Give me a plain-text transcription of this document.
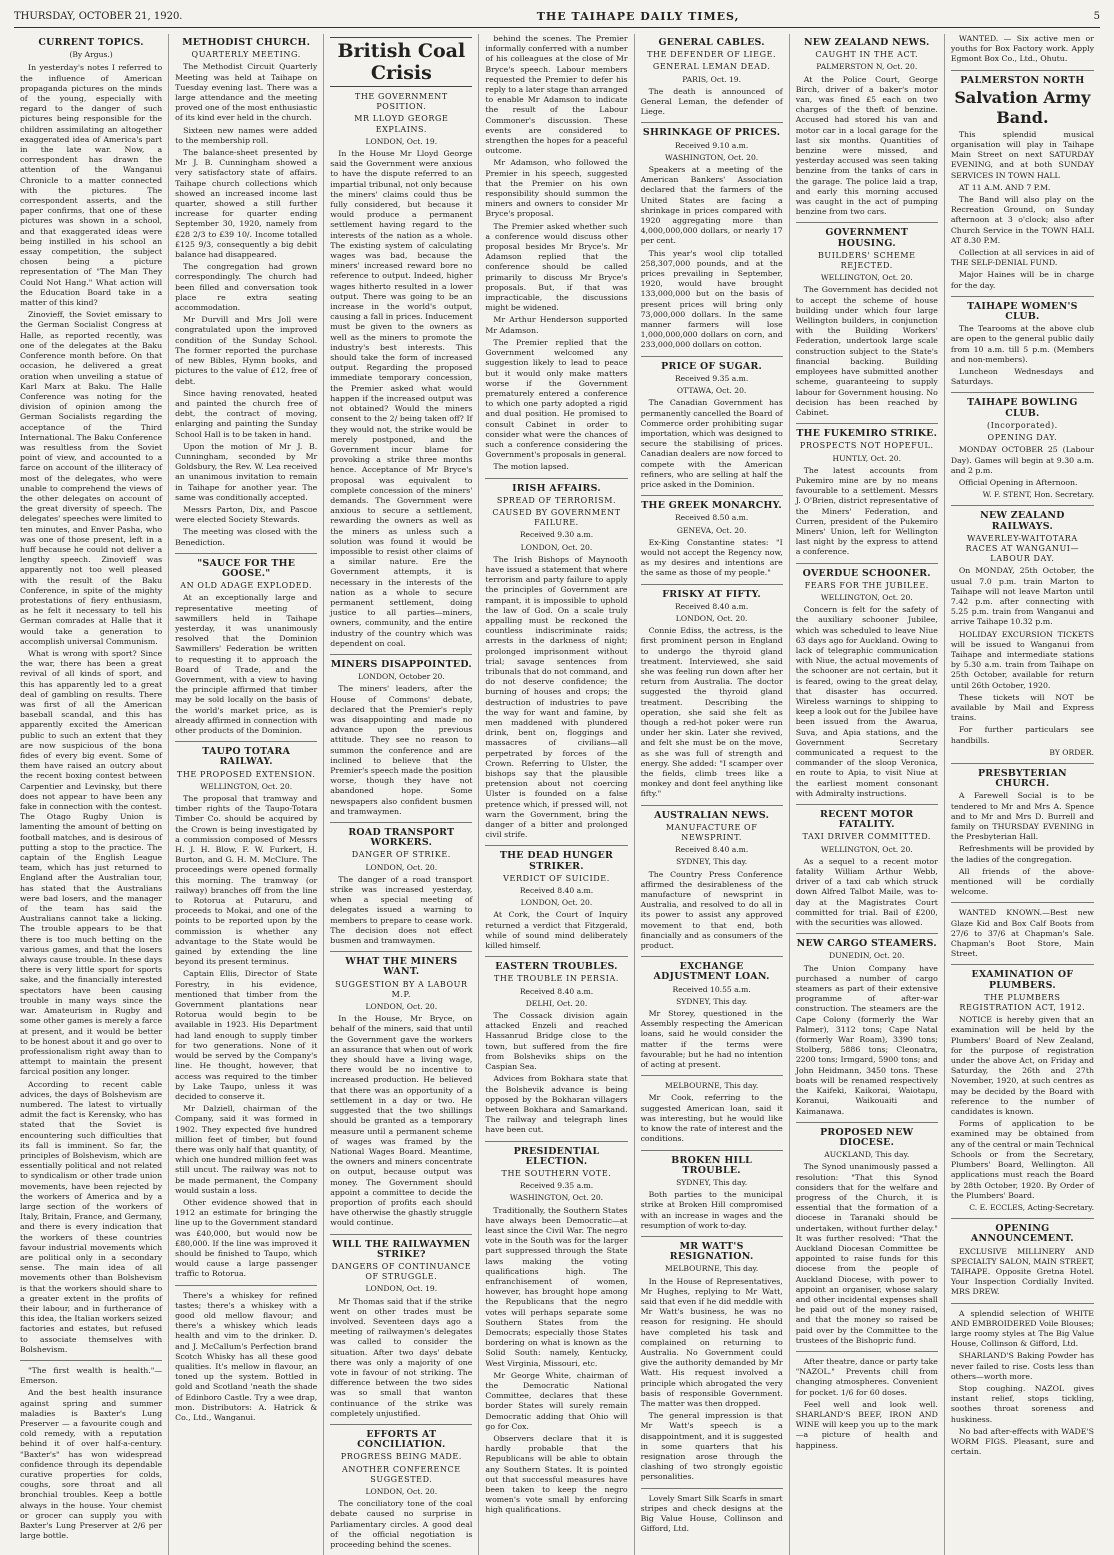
THURSDAY, OCTOBER 21, 1920.	THE TAIHAPE DAILY TIMES,	5
CURRENT TOPICS.
(By Argus.)

In yesterday's notes I referred to the influence of American propaganda pictures on the minds of the young, especially with regard to the danger of such pictures being responsible for the children assimilating an altogether exaggerated idea of America's part in the late war. Now, a correspondent has drawn the attention of the Wanganui Chronicle to a matter connected with the pictures. The correspondent asserts, and the paper confirms, that one of these pictures was shown in a school, and that exaggerated ideas were being instilled in his school an essay competition, the subject chosen being a picture representation of "The Man They Could Not Hang." What action will the Education Board take in a matter of this kind?

Zinovieff, the Soviet emissary to the German Socialist Congress at Halle, as reported recently, was one of the delegates at the Baku Conference month before. On that occasion, he delivered a great oration when unveiling a statue of Karl Marx at Baku. The Halle Conference was noting for the division of opinion among the German Socialists regarding the acceptance of the Third International. The Baku Conference was resultless from the Soviet point of view, and accounted to a farce on account of the illiteracy of most of the delegates, who were unable to comprehend the views of the other delegates on account of the great diversity of speech. The delegates' speeches were limited to ten minutes, and Enver Pasha, who was one of those present, left in a huff because he could not deliver a lengthy speech. Zinovieff was apparently not too well pleased with the result of the Baku Conference, in spite of the mighty protestations of fiery enthusiasm, as he felt it necessary to tell his German comrades at Halle that it would take a generation to accomplish universal Communism.

What is wrong with sport? Since the war, there has been a great revival of all kinds of sport, and this has apparently led to a great deal of gambling on results. There was first of all the American baseball scandal, and this has apparently excited the American public to such an extent that they are now suspicious of the bona fides of every big event. Some of them have raised an outcry about the recent boxing contest between Carpentier and Levinsky, but there does not appear to have been any fake in connection with the contest. The Otago Rugby Union is lamenting the amount of betting on football matches, and is desirous of putting a stop to the practice. The captain of the English League team, which has just returned to England after the Australian tour, has stated that the Australians were bad losers, and the manager of the team has said the Australians cannot take a licking. The trouble appears to be that there is too much betting on the various games, and that the losers always cause trouble. In these days there is very little sport for sports sake, and the financially interested spectators have been causing trouble in many ways since the war. Amateurism in Rugby and some other games is merely a farce at present, and it would be better to be honest about it and go over to professionalism right away than to attempt to maintain the present farcical position any longer.

According to recent cable advices, the days of Bolshevism are numbered. The latest to virtually admit the fact is Kerensky, who has stated that the Soviet is encountering such difficulties that its fall is imminent. So far, the principles of Bolshevism, which are essentially political and not related to syndicalism or other trade union movements, have been rejected by the workers of America and by a large section of the workers of Italy, Britain, France, and Germany, and there is every indication that the workers of these countries favour industrial movements which are political only in a secondary sense. The main idea of all movements other than Bolshevism is that the workers should share to a greater extent in the profits of their labour, and in furtherance of this idea, the Italian workers seized factories and estates, but refused to associate themselves with Bolshevism.

"The first wealth is health."—Emerson.

And the best health insurance against spring and summer maladies is Baxter's Lung Preserver — a favourite cough and cold remedy, with a reputation behind it of over half-a-century. "Baxter's" has won widespread confidence through its dependable curative properties for colds, coughs, sore throat and all bronchial troubles. Keep a bottle always in the house. Your chemist or grocer can supply you with Baxter's Lung Preserver at 2/6 per large bottle.

METHODIST CHURCH.
QUARTERLY MEETING.

The Methodist Circuit Quarterly Meeting was held at Taihape on Tuesday evening last. There was a large attendance and the meeting proved one of the most enthusiastic of its kind ever held in the church.

Sixteen new names were added to the membership roll.

The balance-sheet presented by Mr J. B. Cunningham showed a very satisfactory state of affairs. Taihape church collections which showed an increased income last quarter, showed a still further increase for quarter ending September 30, 1920, namely from £28 2/3 to £39 10/. Income totalled £125 9/3, consequently a big debit balance had disappeared.

The congregation had grown correspondingly. The church had been filled and conversation took place re extra seating accommodation.

Mr Durvill and Mrs Joll were congratulated upon the improved condition of the Sunday School. The former reported the purchase of new Bibles, Hymn books, and pictures to the value of £12, free of debt.

Since having renovated, heated and painted the church free of debt, the contract of moving, enlarging and painting the Sunday School Hall is to be taken in hand.

Upon the motion of Mr J. B. Cunningham, seconded by Mr Goldsbury, the Rev. W. Lea received an unanimous invitation to remain in Taihape for another year. The same was conditionally accepted.

Messrs Parton, Dix, and Pascoe were elected Society Stewards.

The meeting was closed with the Benediction.

"SAUCE FOR THE GOOSE."
AN OLD ADAGE EXPLODED.

At an exceptionally large and representative meeting of sawmillers held in Taihape yesterday, it was unanimously resolved that the Dominion Sawmillers' Federation be written to requesting it to approach the Board of Trade, and the Government, with a view to having the principle affirmed that timber may be sold locally on the basis of the world's market price, as is already affirmed in connection with other products of the Dominion.

TAUPO TOTARA RAILWAY.
THE PROPOSED EXTENSION.
WELLINGTON, Oct. 20.

The proposal that tramway and timber rights of the Taupo-Totara Timber Co. should be acquired by the Crown is being investigated by a commission composed of Messrs H. J. H. Blow, F. W. Furkert, H. Burton, and G. H. M. McClure. The proceedings were opened formally this morning. The tramway (or railway) branches off from the line to Rotorua at Putaruru, and proceeds to Mokai, and one of the points to be reported upon by the commission is whether any advantage to the State would be gained by extending the line beyond its present terminus.

Captain Ellis, Director of State Forestry, in his evidence, mentioned that timber from the Government plantations near Rotorua would begin to be available in 1923. His Department had land enough to supply timber for two generations. None of it would be served by the Company's line. He thought, however, that access was required to the timber by Lake Taupo, unless it was decided to conserve it.

Mr Dalziell, chairman of the Company, said it was formed in 1902. They expected five hundred million feet of timber, but found there was only half that quantity, of which one hundred million feet was still uncut. The railway was not to be made permanent, the Company would sustain a loss.

Other evidence showed that in 1912 an estimate for bringing the line up to the Government standard was £40,000, but would now be £80,000. If the line was improved it should be finished to Taupo, which would cause a large passenger traffic to Rotorua.

There's a whiskey for refined tastes; there's a whiskey with a good old mellow flavour; and there's a whiskey which leads health and vim to the drinker. D. and J. McCallum's Perfection brand Scotch Whisky has all these good qualities. It's mellow in flavour, an toned up the system. Bottled in gold and Scotland 'neath the shade of Edinboro Castle. Try a wee drap, mon. Distributors: A. Hatrick & Co., Ltd., Wanganui.

British Coal Crisis
THE GOVERNMENT POSITION.
MR LLOYD GEORGE EXPLAINS.
LONDON, Oct. 19.

In the House Mr Lloyd George said the Government were anxious to have the dispute referred to an impartial tribunal, not only because the miners' claims could thus be fully considered, but because it would produce a permanent settlement having regard to the interests of the nation as a whole. The existing system of calculating wages was bad, because the miners' increased reward bore no reference to output. Indeed, higher wages hitherto resulted in a lower output. There was going to be an increase in the world's output, causing a fall in prices. Inducement must be given to the owners as well as the miners to promote the industry's best interests. This should take the form of increased output. Regarding the proposed immediate temporary concession, the Premier asked what would happen if the increased output was not obtained? Would the miners consent to the 2/ being taken off? If they would not, the strike would be merely postponed, and the Government incur blame for provoking a strike three months hence. Acceptance of Mr Bryce's proposal was equivalent to complete concession of the miners' demands. The Government were anxious to secure a settlement, rewarding the owners as well as the miners as unless such a solution was found it would be impossible to resist other claims of a similar nature. Ere the Government attempts, it is necessary in the interests of the nation as a whole to secure permanent settlement, doing justice to all parties—miners, owners, community, and the entire industry of the country which was dependent on coal.

MINERS DISAPPOINTED.
LONDON, October 20.

The miners' leaders, after the House of Commons' debate, declared that the Premier's reply was disappointing and made no advance upon the previous attitude. They see no reason to summon the conference and are inclined to believe that the Premier's speech made the position worse, though they have not abandoned hope. Some newspapers also confident busmen and tramwaymen.

ROAD TRANSPORT WORKERS.
DANGER OF STRIKE.
LONDON, Oct. 20.

The danger of a road transport strike was increased yesterday, when a special meeting of delegates issued a warning to members to prepare to cease work. The decision does not effect busmen and tramwaymen.

WHAT THE MINERS WANT.
SUGGESTION BY A LABOUR M.P.
LONDON, Oct. 20.

In the House, Mr Bryce, on behalf of the miners, said that until the Government gave the workers an assurance that when out of work they should have a living wage, there would be no incentive to increased production. He believed that there was an opportunity of a settlement in a day or two. He suggested that the two shillings should be granted as a temporary measure until a permanent scheme of wages was framed by the National Wages Board. Meantime, the owners and miners concentrate on output, because output was money. The Government should appoint a committee to decide the proportion of profits each should have otherwise the ghastly struggle would continue.

WILL THE RAILWAYMEN STRIKE?
DANGERS OF CONTINUANCE OF STRUGGLE.
LONDON, Oct. 19.

Mr Thomas said that if the strike went on other trades must be involved. Seventeen days ago a meeting of railwaymen's delegates was called to consider the situation. After two days' debate there was only a majority of one vote in favour of not striking. The difference between the two sides was so small that wanton continuance of the strike was completely unjustified.

EFFORTS AT CONCILIATION.
PROGRESS BEING MADE.
ANOTHER CONFERENCE SUGGESTED.
LONDON, Oct. 20.

The conciliatory tone of the coal debate caused no surprise in Parliamentary circles. A good deal of the official negotiation is proceeding behind the scenes.

behind the scenes. The Premier informally conferred with a number of his colleagues at the close of Mr Bryce's speech. Labour members requested the Premier to defer his reply to a later stage than arranged to enable Mr Adamson to indicate the result of the Labour Commoner's discussion. These events are considered to strengthen the hopes for a peaceful outcome.

Mr Adamson, who followed the Premier in his speech, suggested that the Premier on his own responsibility should summon the miners and owners to consider Mr Bryce's proposal.

The Premier asked whether such a conference would discuss other proposal besides Mr Bryce's. Mr Adamson replied that the conference should be called primarily to discuss Mr Bryce's proposals. But, if that was impracticable, the discussions might be widened.

Mr Arthur Henderson supported Mr Adamson.

The Premier replied that the Government welcomed any suggestion likely to lead to peace but it would only make matters worse if the Government prematurely entered a conference to which one party adopted a rigid and dual position. He promised to consult Cabinet in order to consider what were the chances of such a conference considering the Government's proposals in general.

The motion lapsed.

IRISH AFFAIRS.
SPREAD OF TERRORISM.
CAUSED BY GOVERNMENT FAILURE.
Received 9.30 a.m.
LONDON, Oct. 20.

The Irish Bishops of Maynooth have issued a statement that where terrorism and party failure to apply the principles of Government are rampant, it is impossible to uphold the law of God. On a scale truly appalling must be reckoned the countless indiscriminate raids; arrests in the darkness of night; prolonged imprisonment without trial; savage sentences from tribunals that do not command, and do not deserve confidence; the burning of houses and crops; the destruction of industries to pave the way for want and famine, by men maddened with plundered drink, bent on, floggings and massacres of civilians—all perpetrated by forces of the Crown. Referring to Ulster, the bishops say that the plausible pretension about not coercing Ulster is founded on a false pretence which, if pressed will, not warn the Government, bring the danger of a bitter and prolonged civil strife.

THE DEAD HUNGER STRIKER.
VERDICT OF SUICIDE.
Received 8.40 a.m.
LONDON, Oct. 20.

At Cork, the Court of Inquiry returned a verdict that Fitzgerald, while of sound mind deliberately killed himself.

EASTERN TROUBLES.
THE TROUBLE IN PERSIA.
Received 8.40 a.m.
DELHI, Oct. 20.

The Cossack division again attacked Enzeli and reached Hassanrud Bridge close to the town, but suffered from the fire from Bolsheviks ships on the Caspian Sea.

Advices from Bokhara state that the Bolshevik advance is being opposed by the Bokharan villagers between Bokhara and Samarkand. The railway and telegraph lines have been cut.

PRESIDENTIAL ELECTION.
THE SOUTHERN VOTE.
Received 9.35 a.m.
WASHINGTON, Oct. 20.

Traditionally, the Southern States have always been Democratic—at least since the Civil War. The negro vote in the South was for the larger part suppressed through the State laws making the voting qualifications high. The enfranchisement of women, however, has brought hope among the Republicans that the negro votes will perhaps separate some Southern States from the Democrats; especially those States bordering on what is known as the Solid South: namely, Kentucky, West Virginia, Missouri, etc.

Mr George White, chairman of the Democratic National Committee, declares that these border States will surely remain Democratic adding that Ohio will go for Cox.

Observers declare that it is hardly probable that the Republicans will be able to obtain any Southern States. It is pointed out that successful measures have been taken to keep the negro women's vote small by enforcing high qualifications.

GENERAL CABLES.
THE DEFENDER OF LIEGE.
GENERAL LEMAN DEAD.
PARIS, Oct. 19.

The death is announced of General Leman, the defender of Liege.

SHRINKAGE OF PRICES.
Received 9.10 a.m.
WASHINGTON, Oct. 20.

Speakers at a meeting of the American Bankers' Association declared that the farmers of the United States are facing a shrinkage in prices compared with 1920 aggregating more than 4,000,000,000 dollars, or nearly 17 per cent.

This year's wool clip totalled 258,307,000 pounds, and at the prices prevailing in September, 1920, would have brought 133,000,000 but on the basis of present prices will bring only 73,000,000 dollars. In the same manner farmers will lose 1,000,000,000 dollars on corn, and 233,000,000 dollars on cotton.

PRICE OF SUGAR.
Received 9.35 a.m.
OTTAWA, Oct. 20.

The Canadian Government has permanently cancelled the Board of Commerce order prohibiting sugar importation, which was designed to secure the stabilising of prices. Canadian dealers are now forced to compete with the American refiners, who are selling at half the price asked in the Dominion.

THE GREEK MONARCHY.
Received 8.50 a.m.
GENEVA, Oct. 20.

Ex-King Constantine states: "I would not accept the Regency now, as my desires and intentions are the same as those of my people."

FRISKY AT FIFTY.
Received 8.40 a.m.
LONDON, Oct. 20.

Connie Ediss, the actress, is the first prominent person in England to undergo the thyroid gland treatment. Interviewed, she said she was feeling run down after her return from Australia. The doctor suggested the thyroid gland treatment. Describing the operation, she said she felt as though a red-hot poker were run under her skin. Later she revived, and felt she must be on the move, as she was full of strength and energy. She added: "I scamper over the fields, climb trees like a monkey and dont feel anything like fifty."

AUSTRALIAN NEWS.
MANUFACTURE OF NEWSPRINT.
Received 8.40 a.m.
SYDNEY, This day.

The Country Press Conference affirmed the desirableness of the manufacture of newsprint in Australia, and resolved to do all in its power to assist any approved movement to that end, both financially and as consumers of the product.

EXCHANGE ADJUSTMENT LOAN.
Received 10.55 a.m.
SYDNEY, This day.

Mr Storey, questioned in the Assembly respecting the American loans, said he would consider the matter if the terms were favourable; but he had no intention of acting at present.

MELBOURNE, This day.

Mr Cook, referring to the suggested American loan, said it was interesting, but he would like to know the rate of interest and the conditions.

BROKEN HILL TROUBLE.
SYDNEY, This day.

Both parties to the municipal strike at Broken Hill compromised with an increase in wages and the resumption of work to-day.

MR WATT'S RESIGNATION.
MELBOURNE, This day.

In the House of Representatives, Mr Hughes, replying to Mr Watt, said that even if he did meddle with Mr Watt's business, he was no reason for resigning. He should have completed his task and complained on returning to Australia. No Government could give the authority demanded by Mr Watt. His request involved a principle which abrogated the very basis of responsible Government. The matter was then dropped.

The general impression is that Mr Watt's speech is a disappointment, and it is suggested in some quarters that his resignation arose through the clashing of two strongly egoistic personalities.

Lovely Smart Silk Scarfs in smart stripes and check designs at the Big Value House, Collinson and Gifford, Ltd.

NEW ZEALAND NEWS.
CAUGHT IN THE ACT.
PALMERSTON N, Oct. 20.

At the Police Court, George Birch, driver of a baker's motor van, was fined £5 each on two charges of the theft of benzine. Accused had stored his van and motor car in a local garage for the last six months. Quantities of benzine were missed, and yesterday accused was seen taking benzine from the tanks of cars in the garage. The police laid a trap, and early this morning accused was caught in the act of pumping benzine from two cars.

GOVERNMENT HOUSING.
BUILDERS' SCHEME REJECTED.
WELLINGTON, Oct. 20.

The Government has decided not to accept the scheme of house building under which four large Wellington builders, in conjunction with the Building Workers' Federation, undertook large scale construction subject to the State's financial backing. Building employees have submitted another scheme, guaranteeing to supply labour for Government housing. No decision has been reached by Cabinet.

THE FUKEMIRO STRIKE.
PROSPECTS NOT HOPEFUL.
HUNTLY, Oct. 20.

The latest accounts from Pukemiro mine are by no means favourable to a settlement. Messrs J. O'Brien, district representative of the Miners' Federation, and Curren, president of the Pukemiro Miners' Union, left for Wellington last night by the express to attend a conference.

OVERDUE SCHOONER.
FEARS FOR THE JUBILEE.
WELLINGTON, Oct. 20.

Concern is felt for the safety of the auxiliary schooner Jubilee, which was scheduled to leave Niue 63 days ago for Auckland. Owing to lack of telegraphic communication with Niue, the actual movements of the schooner are not certain, but it is feared, owing to the great delay, that disaster has occurred. Wireless warnings to shipping to keep a look out for the Jubilee have been issued from the Awarua, Suva, and Apia stations, and the Government Secretary communicated a request to the commander of the sloop Veronica, en route to Apia, to visit Niue at the earliest moment consonant with Admiralty instructions.

RECENT MOTOR FATALITY.
TAXI DRIVER COMMITTED.
WELLINGTON, Oct. 20.

As a sequel to a recent motor fatality William Arthur Webb, driver of a taxi cab which struck down Alfred Talbot Maile, was to-day at the Magistrates Court committed for trial. Bail of £200, with the securities was allowed.

NEW CARGO STEAMERS.
DUNEDIN, Oct. 20.

The Union Company have purchased a number of cargo steamers as part of their extensive programme of after-war construction. The steamers are the Cape Colony (formerly the War Palmer), 3112 tons; Cape Natal (formerly War Roam), 3390 tons; Stolberg, 5886 tons; Cleonatra, 2200 tons; Irmgard, 5900 tons; and John Heidmann, 3450 tons. These boats will be renamed respectively the Kaifeki, Kaikorai, Waiotapu, Koranui, Waikouaiti and Kaimanawa.

PROPOSED NEW DIOCESE.
AUCKLAND, This day.

The Synod unanimously passed a resolution: "That this Synod considers that for the welfare and progress of the Church, it is essential that the formation of a diocese in Taranaki should be undertaken, without further delay." It was further resolved: "That the Auckland Diocesan Committee be appointed to raise funds for this diocese from the people of Auckland Diocese, with power to appoint an organiser, whose salary and other incidental expenses shall be paid out of the money raised, and that the money so raised be paid over by the Committee to the trustees of the Bishopric fund.

After theatre, dance or party take "NAZOL." Prevents chill from changing atmospheres. Convenient for pocket. 1/6 for 60 doses.

Feel well and look well. SHARLAND'S BEEF, IRON AND WINE will keep you up to the mark—a picture of health and happiness.

WANTED. — Six active men or youths for Box Factory work. Apply Egmont Box Co., Ltd., Ohutu.

PALMERSTON NORTH
Salvation Army Band.

This splendid musical organisation will play in Taihape Main Street on next SATURDAY EVENING, and at both SUNDAY SERVICES IN TOWN HALL

AT 11 A.M. AND 7 P.M.

The Band will also play on the Recreation Ground, on Sunday afternoon at 3 o'clock; also after Church Service in the TOWN HALL AT 8.30 P.M.

Collection at all services in aid of THE SELF-DENIAL FUND.

Major Haines will be in charge for the day.

TAIHAPE WOMEN'S CLUB.

The Tearooms at the above club are open to the general public daily from 10 a.m. till 5 p.m. (Members and non-members).

Luncheon Wednesdays and Saturdays.

TAIHAPE BOWLING CLUB.
(Incorporated).
OPENING DAY.

MONDAY OCTOBER 25 (Labour Day). Games will begin at 9.30 a.m. and 2 p.m.

Official Opening in Afternoon.

W. F. STENT, Hon. Secretary.
NEW ZEALAND RAILWAYS.
WAVERLEY-WAITOTARA RACES AT WANGANUI—LABOUR DAY.

On MONDAY, 25th October, the usual 7.0 p.m. train Marton to Taihape will not leave Marton until 7.42 p.m. after connecting with 5.25 p.m. train from Wanganui and arrive Taihape 10.32 p.m.

HOLIDAY EXCURSION TICKETS will be issued to Wanganui from Taihape and intermediate stations by 5.30 a.m. train from Taihape on 25th October, available for return until 26th October, 1920.

These tickets will NOT be available by Mail and Express trains.

For further particulars see handbills.

BY ORDER.
PRESBYTERIAN CHURCH.

A Farewell Social is to be tendered to Mr and Mrs A. Spence and to Mr and Mrs D. Burrell and family on THURSDAY EVENING in the Presbyterian Hall.

Refreshments will be provided by the ladies of the congregation.

All friends of the above-mentioned will be cordially welcome.

WANTED KNOWN.—Best new Glaze Kid and Box Calf Boots from 27/6 to 37/6 at Chapman's Sale. Chapman's Boot Store, Main Street.

EXAMINATION OF PLUMBERS.
THE PLUMBERS REGISTRATION ACT, 1912.

NOTICE is hereby given that an examination will be held by the Plumbers' Board of New Zealand, for the purpose of registration under the above Act, on Friday and Saturday, the 26th and 27th November, 1920, at such centres as may be decided by the Board with reference to the number of candidates is known.

Forms of application to be examined may be obtained from any of the central or main Technical Schools or from the Secretary, Plumbers' Board, Wellington. All applications must reach the Board by 28th October, 1920. By Order of the Plumbers' Board.

C. E. ECCLES, Acting-Secretary.
OPENING ANNOUNCEMENT.

EXCLUSIVE MILLINERY AND SPECIALTY SALON, MAIN STREET, TAIHAPE. Opposite Gretna Hotel. Your Inspection Cordially Invited. MRS DREW.

A splendid selection of WHITE AND EMBROIDERED Voile Blouses; large roomy styles at The Big Value House, Collinson & Gifford, Ltd.

SHARLAND'S Baking Powder has never failed to rise. Costs less than others—worth more.

Stop coughing. NAZOL gives instant relief, stops tickling, soothes throat soreness and huskiness.

No bad after-effects with WADE'S WORM FIGS. Pleasant, sure and certain.
